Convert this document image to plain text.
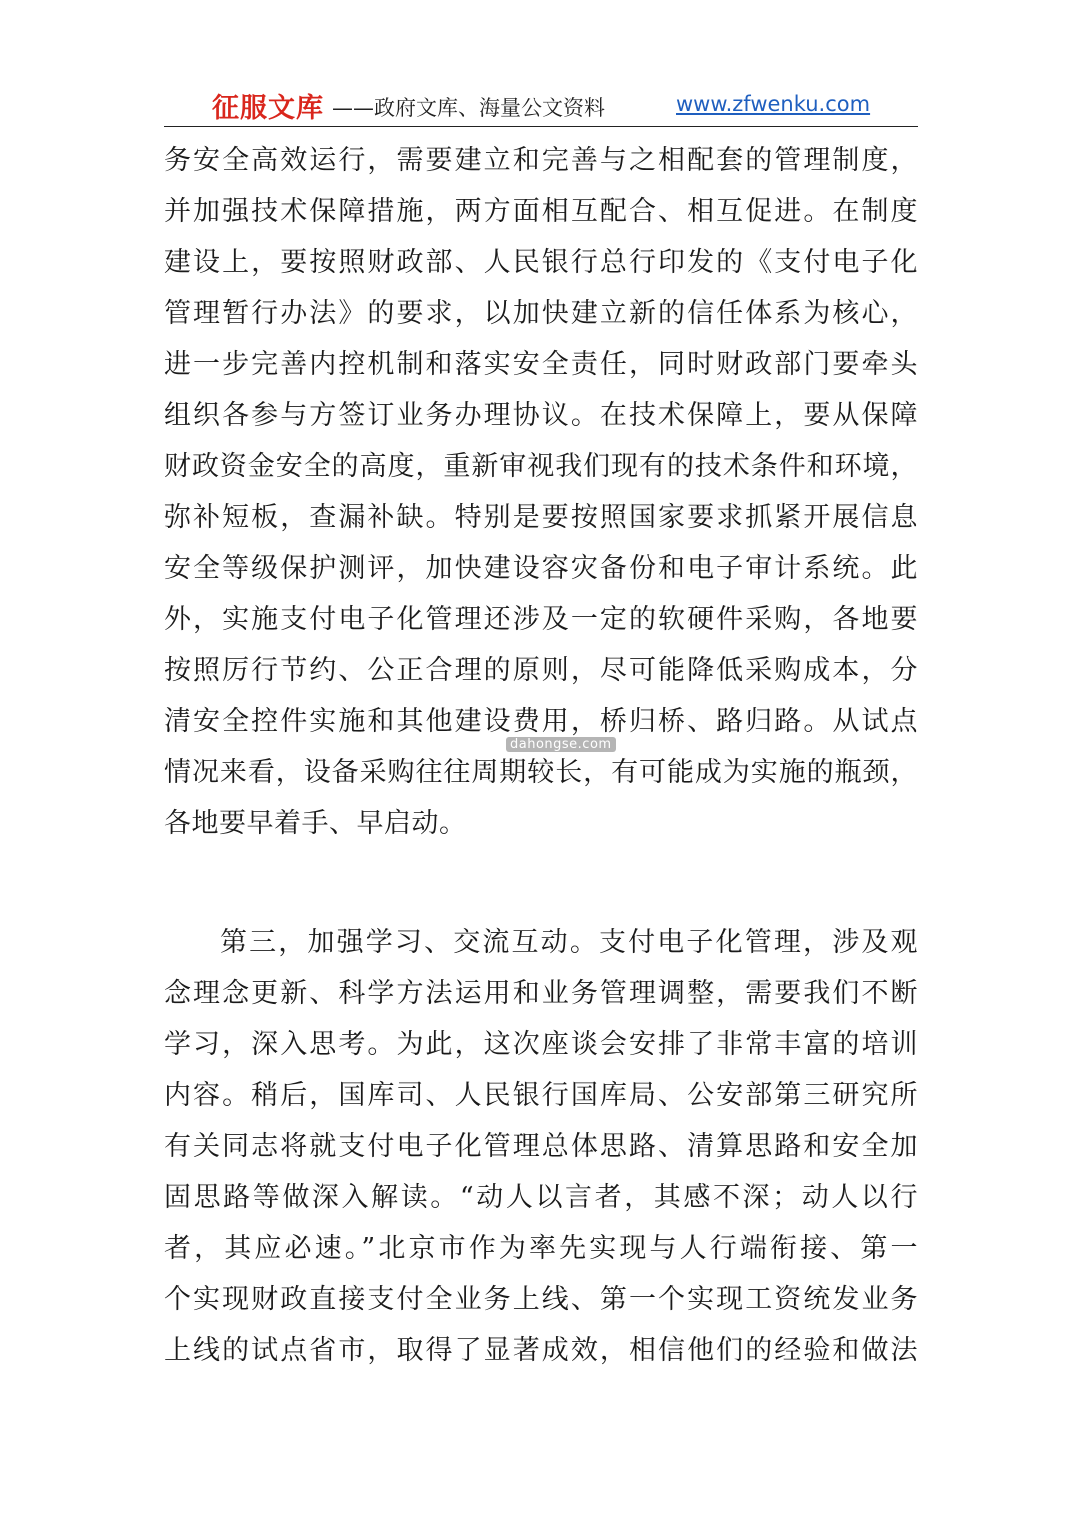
征服文库 ——政府文库、海量公文资料	www.zfwenku.com
务安全高效运行，需要建立和完善与之相配套的管理制度，
并加强技术保障措施，两方面相互配合、相互促进。在制度
建设上，要按照财政部、人民银行总行印发的《支付电子化
管理暂行办法》的要求，以加快建立新的信任体系为核心，
进一步完善内控机制和落实安全责任，同时财政部门要牵头
组织各参与方签订业务办理协议。在技术保障上，要从保障
财政资金安全的高度，重新审视我们现有的技术条件和环境，
弥补短板，查漏补缺。特别是要按照国家要求抓紧开展信息
安全等级保护测评，加快建设容灾备份和电子审计系统。此
外，实施支付电子化管理还涉及一定的软硬件采购，各地要
按照厉行节约、公正合理的原则，尽可能降低采购成本，分
清安全控件实施和其他建设费用，桥归桥、路归路。从试点
情况来看，设备采购往往周期较长，有可能成为实施的瓶颈，
各地要早着手、早启动。
第三，加强学习、交流互动。支付电子化管理，涉及观
念理念更新、科学方法运用和业务管理调整，需要我们不断
学习，深入思考。为此，这次座谈会安排了非常丰富的培训
内容。稍后，国库司、人民银行国库局、公安部第三研究所
有关同志将就支付电子化管理总体思路、清算思路和安全加
固思路等做深入解读。“动人以言者，其感不深；动人以行
者，其应必速。”北京市作为率先实现与人行端衔接、第一
个实现财政直接支付全业务上线、第一个实现工资统发业务
上线的试点省市，取得了显著成效，相信他们的经验和做法
dahongse.com
